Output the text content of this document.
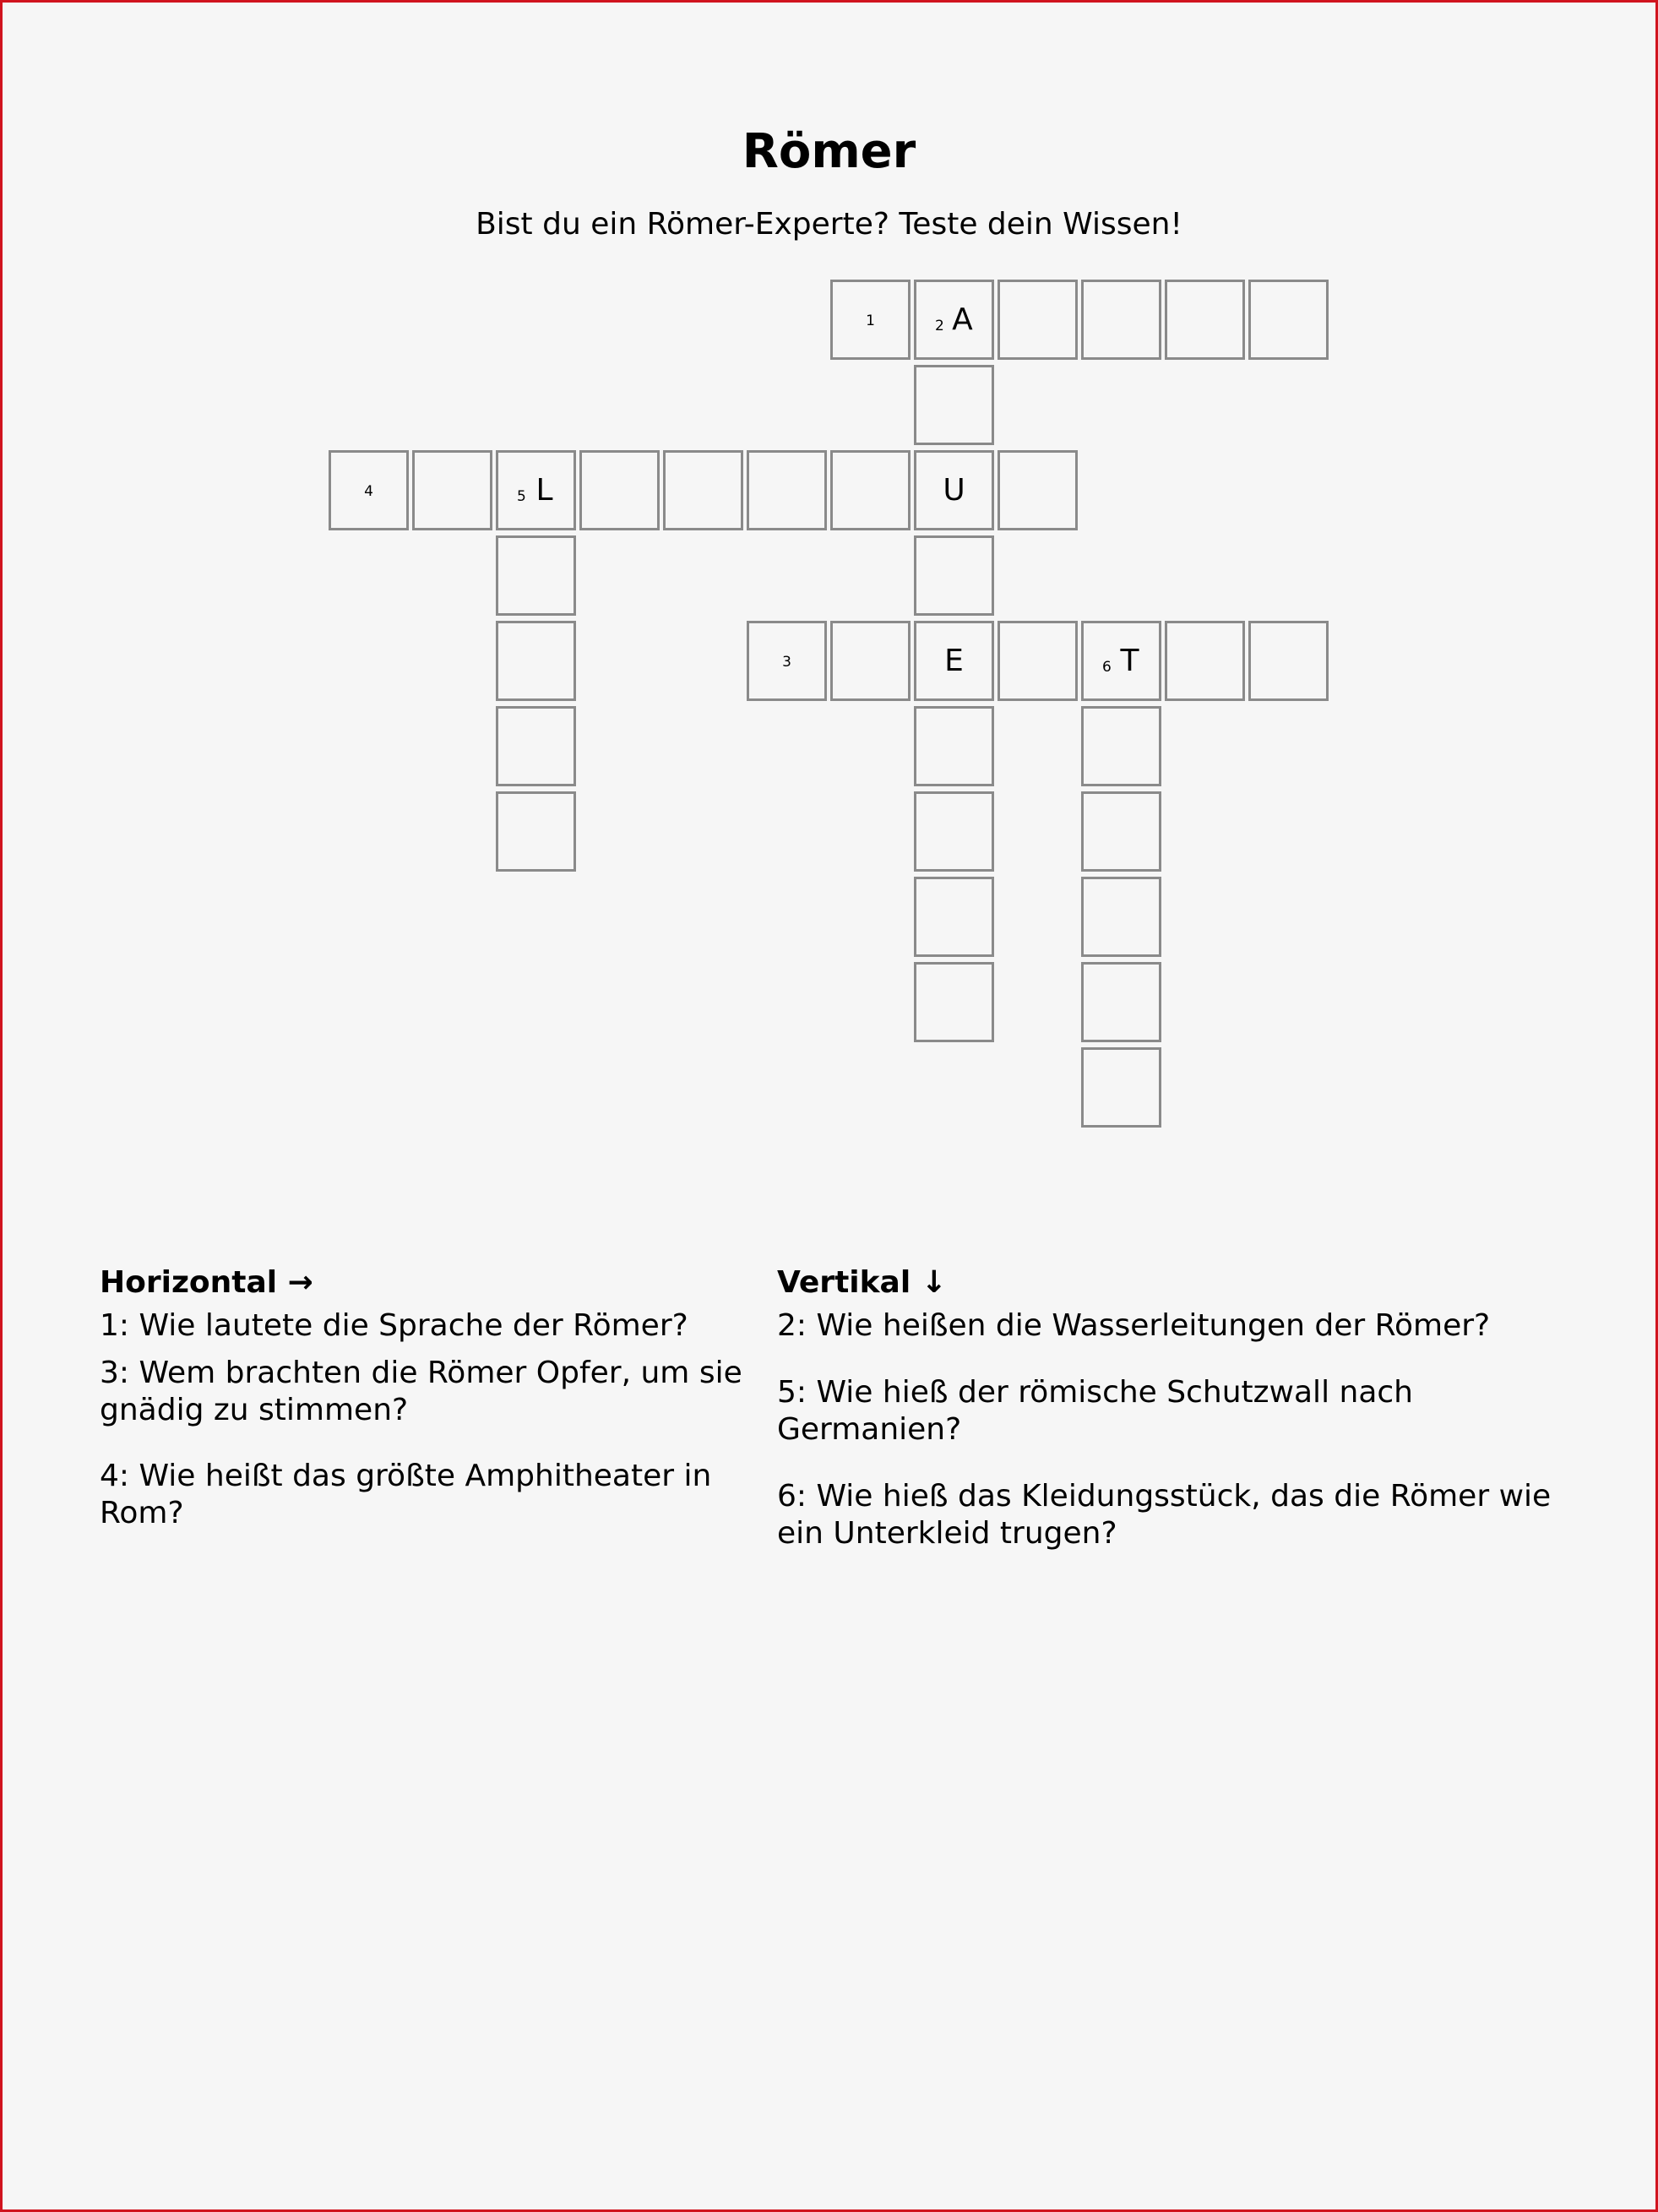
Römer
Bist du ein Römer-Experte? Teste dein Wissen!
1	2 A
4	5 L	U
3	E	6 T
Horizontal →

1: Wie lautete die Sprache der Römer?

3: Wem brachten die Römer Opfer, um sie gnädig zu stimmen?

4: Wie heißt das größte Amphitheater in Rom?

Vertikal ↓

2: Wie heißen die Wasserleitungen der Römer?

5: Wie hieß der römische Schutzwall nach Germanien?

6: Wie hieß das Kleidungsstück, das die Römer wie ein Unterkleid trugen?
